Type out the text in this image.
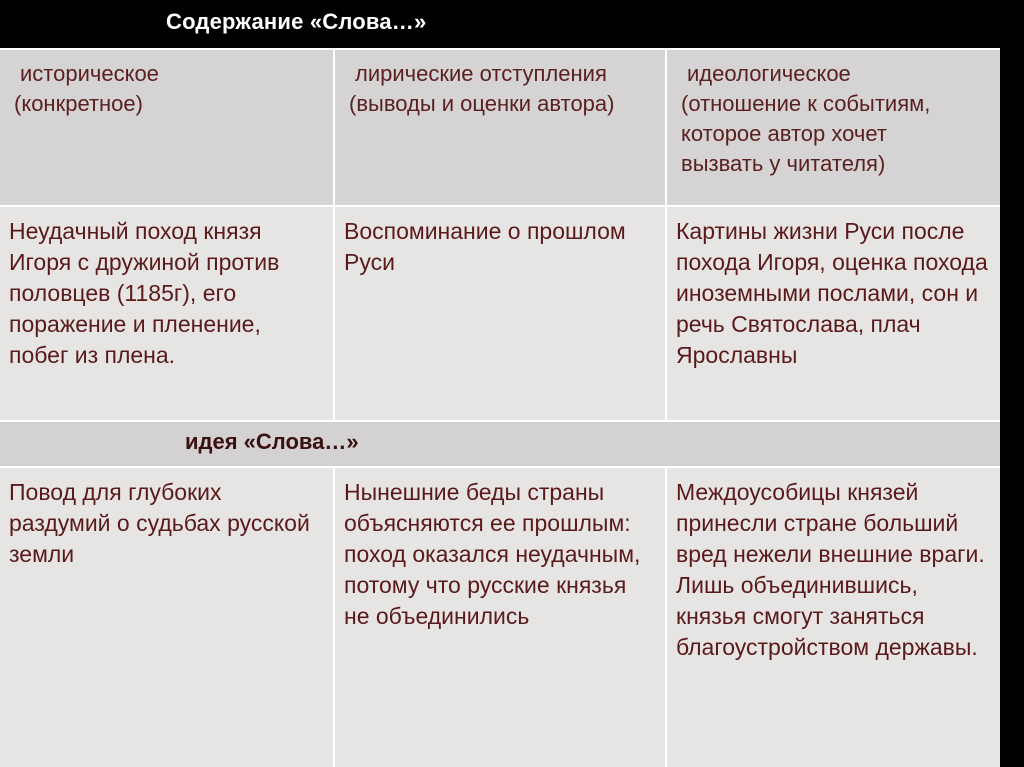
Содержание «Слова…»
историческое
(конкретное)
лирические отступления
(выводы и оценки автора)
идеологическое
(отношение к событиям,
которое автор хочет
вызвать у читателя)
Неудачный поход князя Игоря с дружиной против половцев (1185г), его поражение и пленение, побег из плена.
Воспоминание о прошлом Руси
Картины жизни Руси после похода Игоря, оценка похода иноземными послами, сон и речь Святослава, плач Ярославны
идея «Слова…»
Повод для глубоких раздумий о судьбах русской земли
Нынешние беды страны объясняются ее прошлым: поход оказался неудачным, потому что русские князья не объединились
Междоусобицы князей принесли стране больший вред нежели внешние враги. Лишь объединившись, князья смогут заняться благоустройством державы.
